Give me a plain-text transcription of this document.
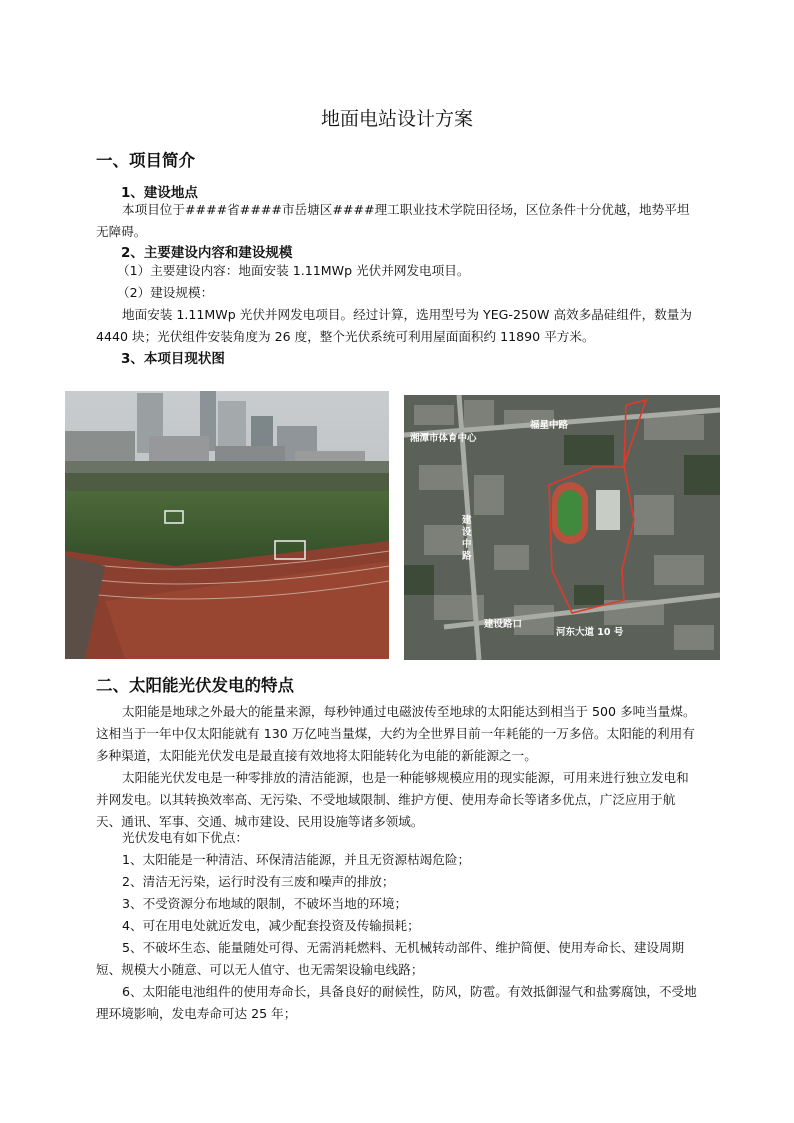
地面电站设计方案
一、项目简介
1、建设地点
本项目位于####省####市岳塘区####理工职业技术学院田径场，区位条件十分优越，地势平坦无障碍。
2、主要建设内容和建设规模
（1）主要建设内容：地面安装 1.11MWp 光伏并网发电项目。
（2）建设规模：
地面安装 1.11MWp 光伏并网发电项目。经过计算，选用型号为 YEG-250W 高效多晶硅组件，数量为 4440 块；光伏组件安装角度为 26 度，整个光伏系统可利用屋面面积约 11890 平方米。
3、本项目现状图
福星中路
湘潭市体育中心
建设中路
建设路口
河东大道 10 号
二、太阳能光伏发电的特点
太阳能是地球之外最大的能量来源，每秒钟通过电磁波传至地球的太阳能达到相当于 500 多吨当量煤。这相当于一年中仅太阳能就有 130 万亿吨当量煤，大约为全世界目前一年耗能的一万多倍。太阳能的利用有多种渠道，太阳能光伏发电是最直接有效地将太阳能转化为电能的新能源之一。
太阳能光伏发电是一种零排放的清洁能源，也是一种能够规模应用的现实能源，可用来进行独立发电和并网发电。以其转换效率高、无污染、不受地域限制、维护方便、使用寿命长等诸多优点，广泛应用于航天、通讯、军事、交通、城市建设、民用设施等诸多领域。
光伏发电有如下优点：
1、太阳能是一种清洁、环保清洁能源，并且无资源枯竭危险；
2、清洁无污染，运行时没有三废和噪声的排放；
3、不受资源分布地域的限制，不破坏当地的环境；
4、可在用电处就近发电，减少配套投资及传输损耗；
5、不破坏生态、能量随处可得、无需消耗燃料、无机械转动部件、维护简便、使用寿命长、建设周期短、规模大小随意、可以无人值守、也无需架设输电线路；
6、太阳能电池组件的使用寿命长，具备良好的耐候性，防风，防雹。有效抵御湿气和盐雾腐蚀，不受地理环境影响，发电寿命可达 25 年；
